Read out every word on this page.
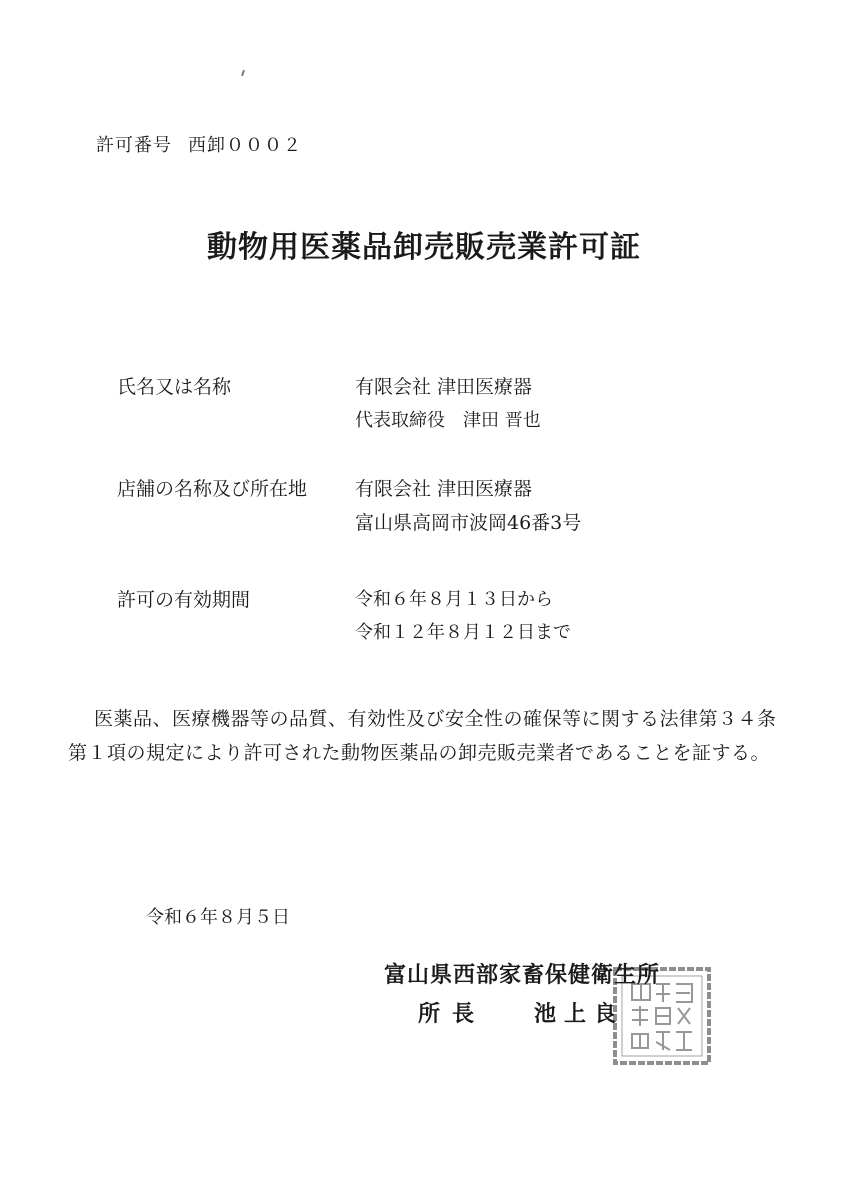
許可番号 西卸０００２
動物用医薬品卸売販売業許可証
氏名又は名称	有限会社 津田医療器
代表取締役　津田 晋也
店舗の名称及び所在地	有限会社 津田医療器
富山県高岡市波岡46番3号
許可の有効期間	令和６年８月１３日から
令和１２年８月１２日まで
医薬品、医療機器等の品質、有効性及び安全性の確保等に関する法律第３４条第１項の規定により許可された動物医薬品の卸売販売業者であることを証する。
令和６年８月５日
富山県西部家畜保健衛生所
所長 池上良
